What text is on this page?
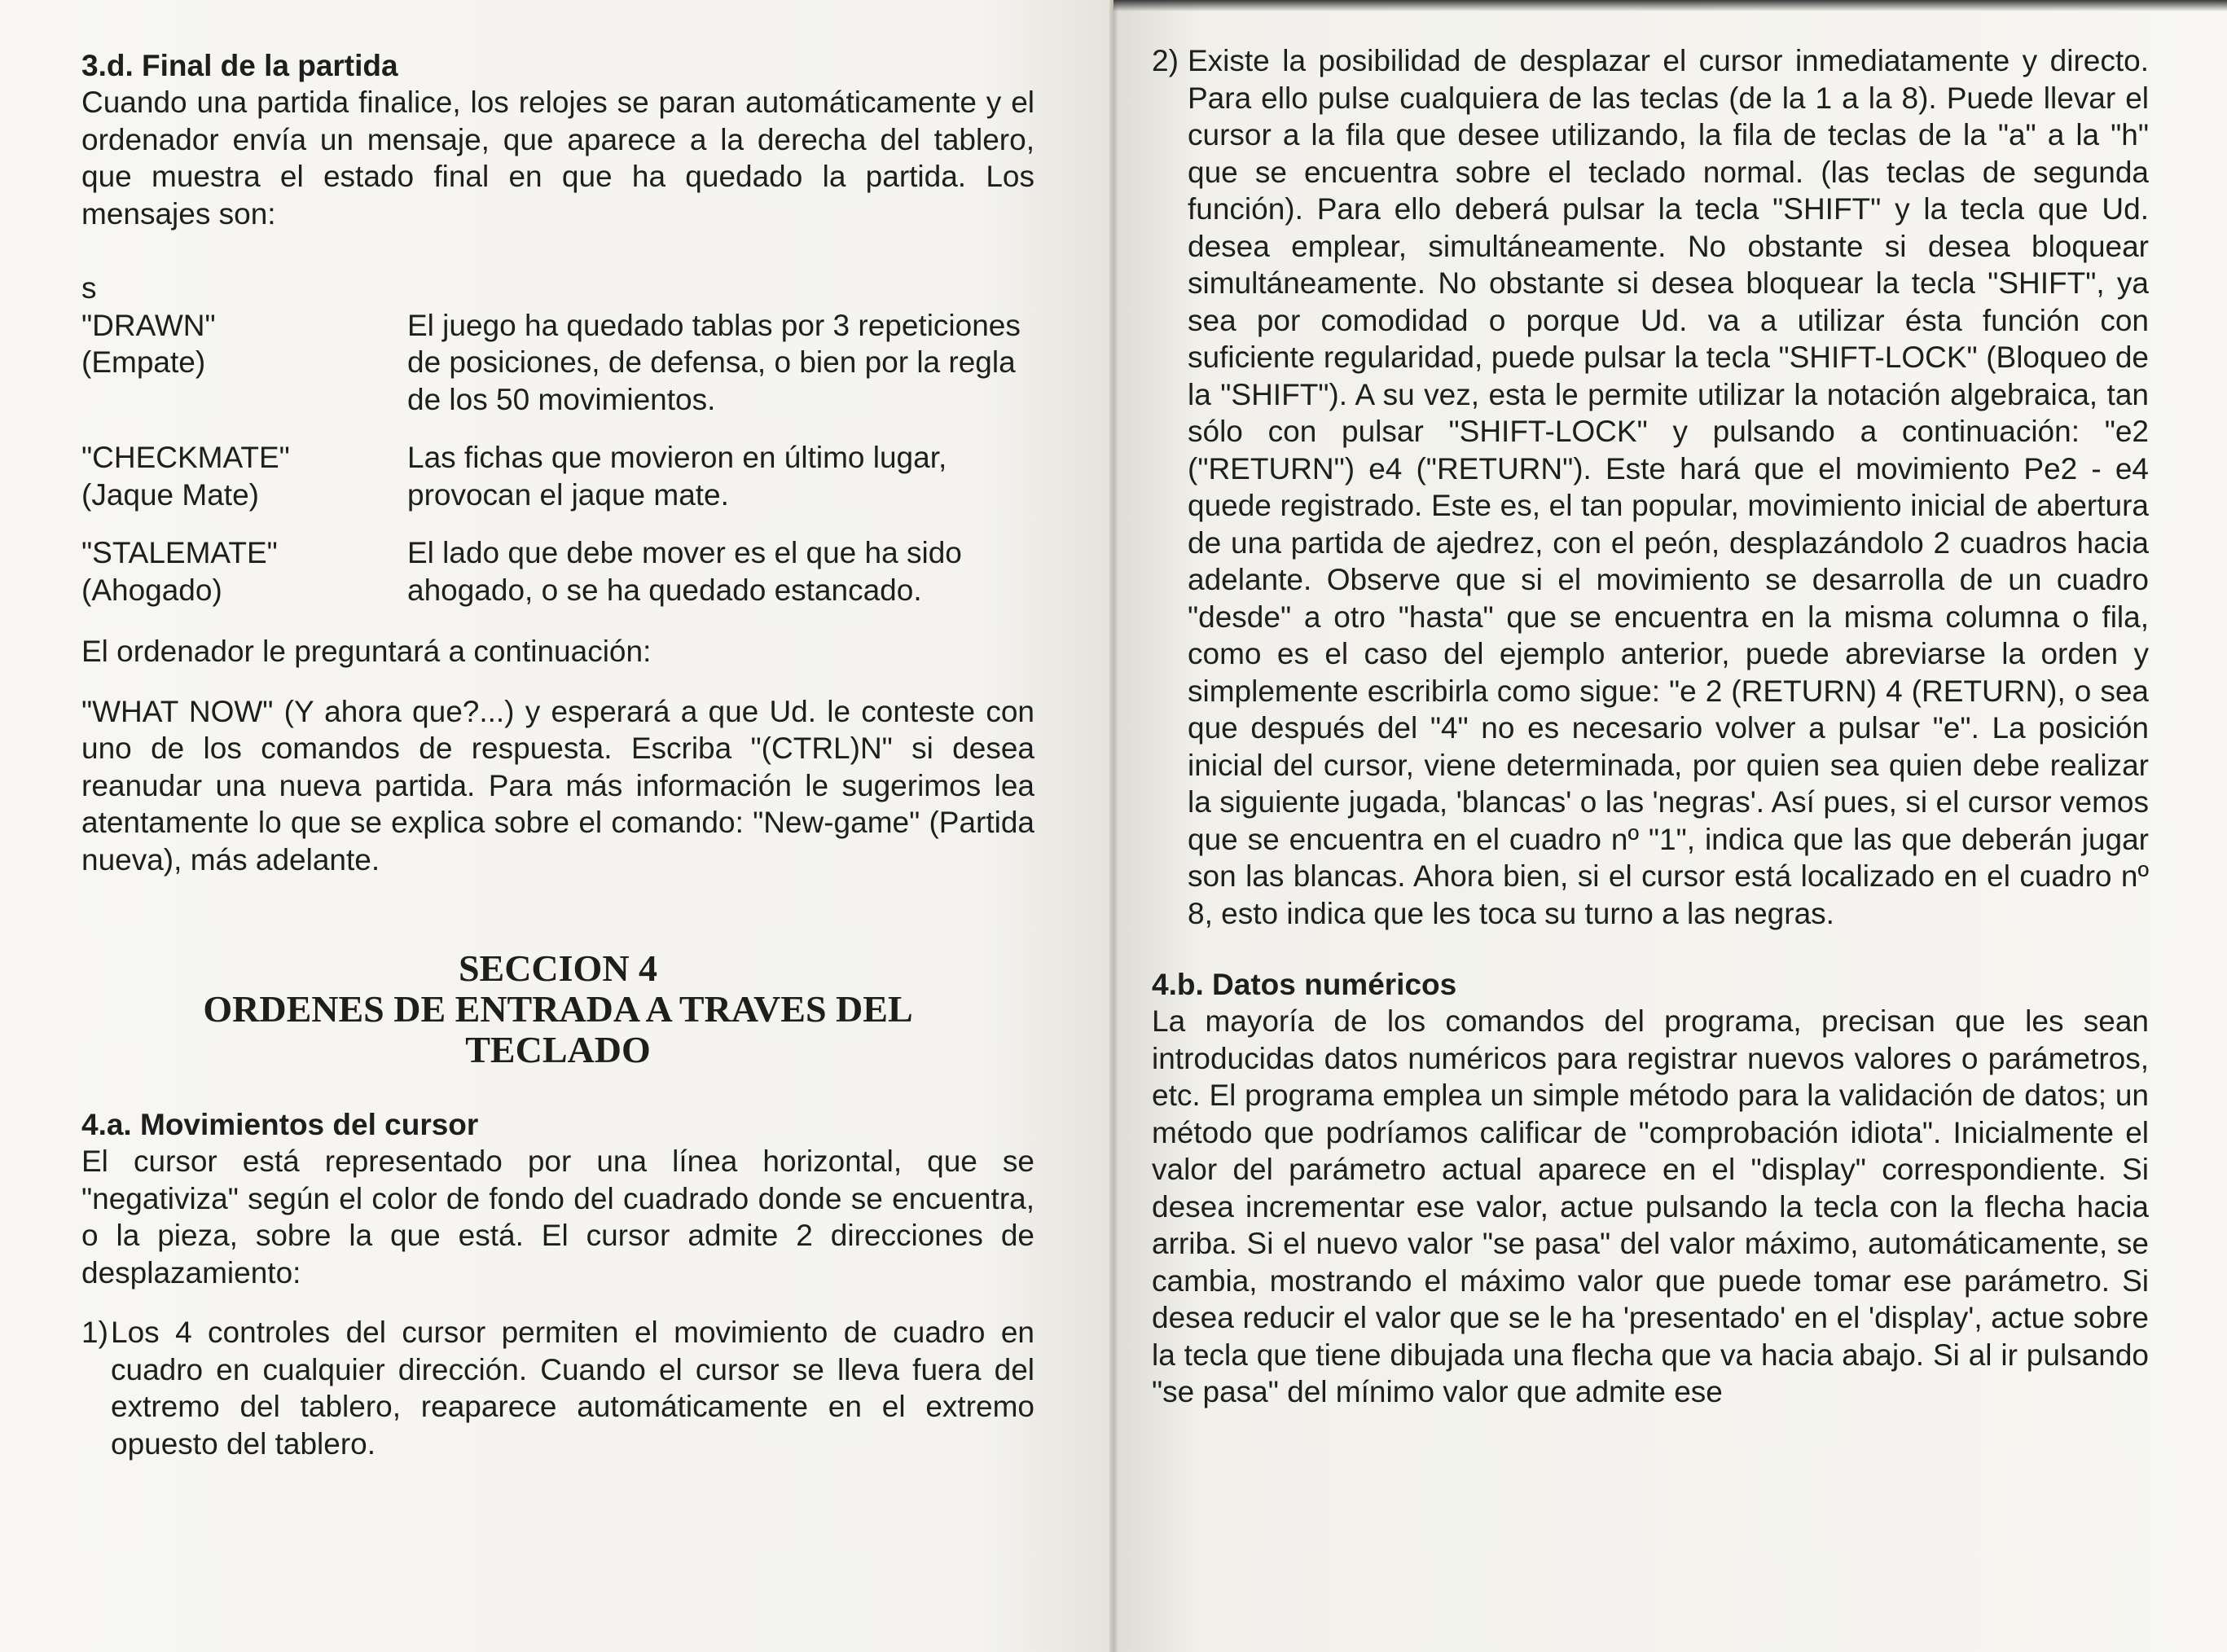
3.d. Final de la partida

Cuando una partida finalice, los relojes se paran automáticamente y el ordenador envía un mensaje, que aparece a la derecha del tablero, que muestra el estado final en que ha quedado la partida. Los mensajes son:

s
"DRAWN"
(Empate)
El juego ha quedado tablas por 3 repeticiones de posiciones, de defensa, o bien por la regla de los 50 movimientos.
"CHECKMATE"
(Jaque Mate)
Las fichas que movieron en último lugar, provocan el jaque mate.
"STALEMATE"
(Ahogado)
El lado que debe mover es el que ha sido ahogado, o se ha quedado estancado.

El ordenador le preguntará a continuación:

"WHAT NOW" (Y ahora que?...) y esperará a que Ud. le conteste con uno de los comandos de respuesta. Escriba "(CTRL)N" si desea reanudar una nueva partida. Para más información le sugerimos lea atentamente lo que se explica sobre el comando: "New-game" (Partida nueva), más adelante.

SECCION 4
ORDENES DE ENTRADA A TRAVES DEL TECLADO
4.a. Movimientos del cursor

El cursor está representado por una línea horizontal, que se "negativiza" según el color de fondo del cuadrado donde se encuentra, o la pieza, sobre la que está. El cursor admite 2 direcciones de desplazamiento:

1) Los 4 controles del cursor permiten el movimiento de cuadro en cuadro en cualquier dirección. Cuando el cursor se lleva fuera del extremo del tablero, reaparece automáticamente en el extremo opuesto del tablero.
2) Existe la posibilidad de desplazar el cursor inmediatamente y directo. Para ello pulse cualquiera de las teclas (de la 1 a la 8). Puede llevar el cursor a la fila que desee utilizando, la fila de teclas de la "a" a la "h" que se encuentra sobre el teclado normal. (las teclas de segunda función). Para ello deberá pulsar la tecla "SHIFT" y la tecla que Ud. desea emplear, simultáneamente. No obstante si desea bloquear simultáneamente. No obstante si desea bloquear la tecla "SHIFT", ya sea por comodidad o porque Ud. va a utilizar ésta función con suficiente regularidad, puede pulsar la tecla "SHIFT-LOCK" (Bloqueo de la "SHIFT"). A su vez, esta le permite utilizar la notación algebraica, tan sólo con pulsar "SHIFT-LOCK" y pulsando a continuación: "e2 ("RETURN") e4 ("RETURN"). Este hará que el movimiento Pe2 - e4 quede registrado. Este es, el tan popular, movimiento inicial de abertura de una partida de ajedrez, con el peón, desplazándolo 2 cuadros hacia adelante. Observe que si el movimiento se desarrolla de un cuadro "desde" a otro "hasta" que se encuentra en la misma columna o fila, como es el caso del ejemplo anterior, puede abreviarse la orden y simplemente escribirla como sigue: "e 2 (RETURN) 4 (RETURN), o sea que después del "4" no es necesario volver a pulsar "e". La posición inicial del cursor, viene determinada, por quien sea quien debe realizar la siguiente jugada, 'blancas' o las 'negras'. Así pues, si el cursor vemos que se encuentra en el cuadro nº "1", indica que las que deberán jugar son las blancas. Ahora bien, si el cursor está localizado en el cuadro nº 8, esto indica que les toca su turno a las negras.
4.b. Datos numéricos

La mayoría de los comandos del programa, precisan que les sean introducidas datos numéricos para registrar nuevos valores o parámetros, etc. El programa emplea un simple método para la validación de datos; un método que podríamos calificar de "comprobación idiota". Inicialmente el valor del parámetro actual aparece en el "display" correspondiente. Si desea incrementar ese valor, actue pulsando la tecla con la flecha hacia arriba. Si el nuevo valor "se pasa" del valor máximo, automáticamente, se cambia, mostrando el máximo valor que puede tomar ese parámetro. Si desea reducir el valor que se le ha 'presentado' en el 'display', actue sobre la tecla que tiene dibujada una flecha que va hacia abajo. Si al ir pulsando "se pasa" del mínimo valor que admite ese
